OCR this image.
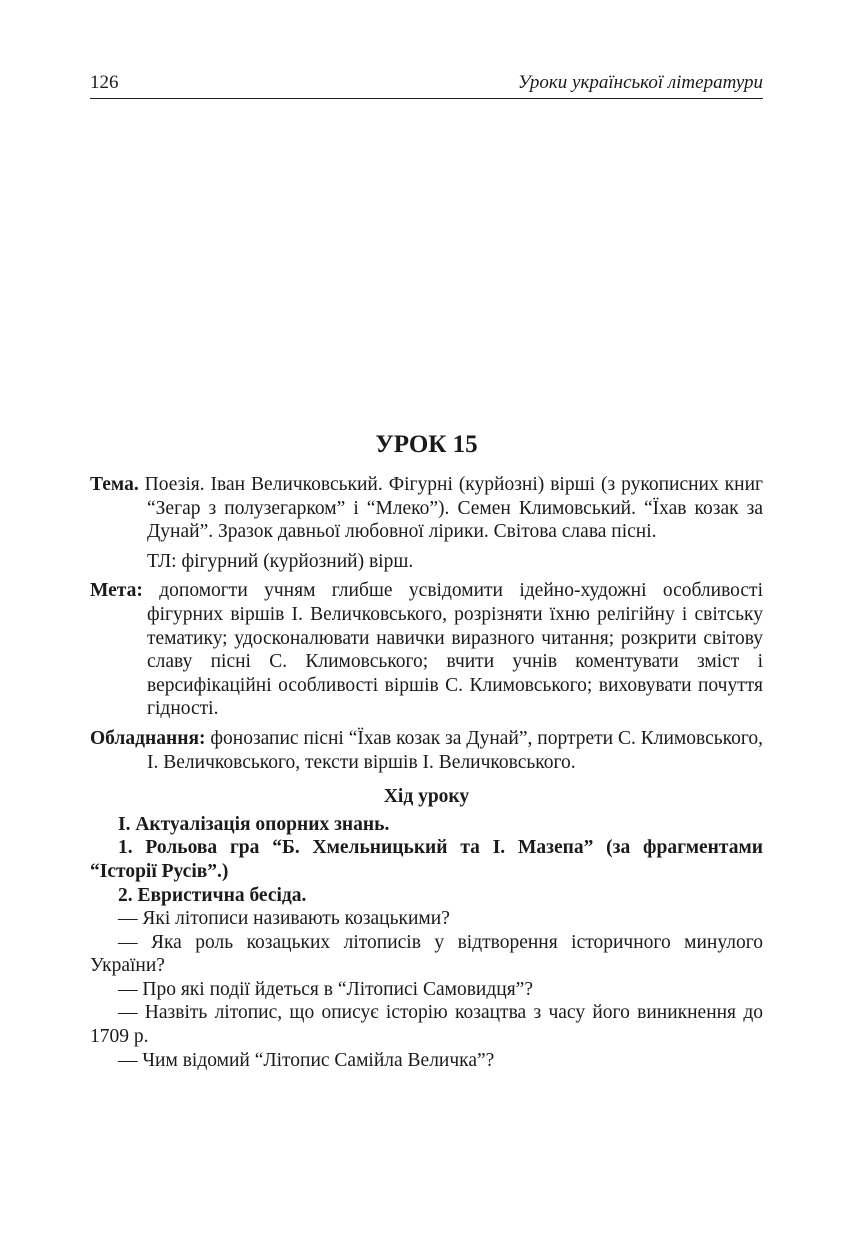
126	Уроки української літератури
УРОК 15

Тема. Поезія. Іван Величковський. Фігурні (курйозні) вірші (з рукописних книг “Зегар з полузегарком” і “Млеко”). Семен Климовський. “Їхав козак за Дунай”. Зразок давньої любовної лірики. Світова слава пісні.

ТЛ: фігурний (курйозний) вірш.

Мета: допомогти учням глибше усвідомити ідейно-художні особливості фігурних віршів І. Величковського, розрізняти їхню релігійну і світську тематику; удосконалювати навички виразного читання; розкрити світову славу пісні С. Климовського; вчити учнів коментувати зміст і версифікаційні особливості віршів С. Климовського; виховувати почуття гідності.

Обладнання: фонозапис пісні “Їхав козак за Дунай”, портрети С. Климовського, І. Величковського, тексти віршів І. Величковського.

Хід уроку

І. Актуалізація опорних знань.

1. Рольова гра “Б. Хмельницький та І. Мазепа” (за фрагментами “Історії Русів”.)

2. Евристична бесіда.

— Які літописи називають козацькими?

— Яка роль козацьких літописів у відтворення історичного минулого України?

— Про які події йдеться в “Літописі Самовидця”?

— Назвіть літопис, що описує історію козацтва з часу його виникнення до 1709 р.

— Чим відомий “Літопис Самійла Величка”?
